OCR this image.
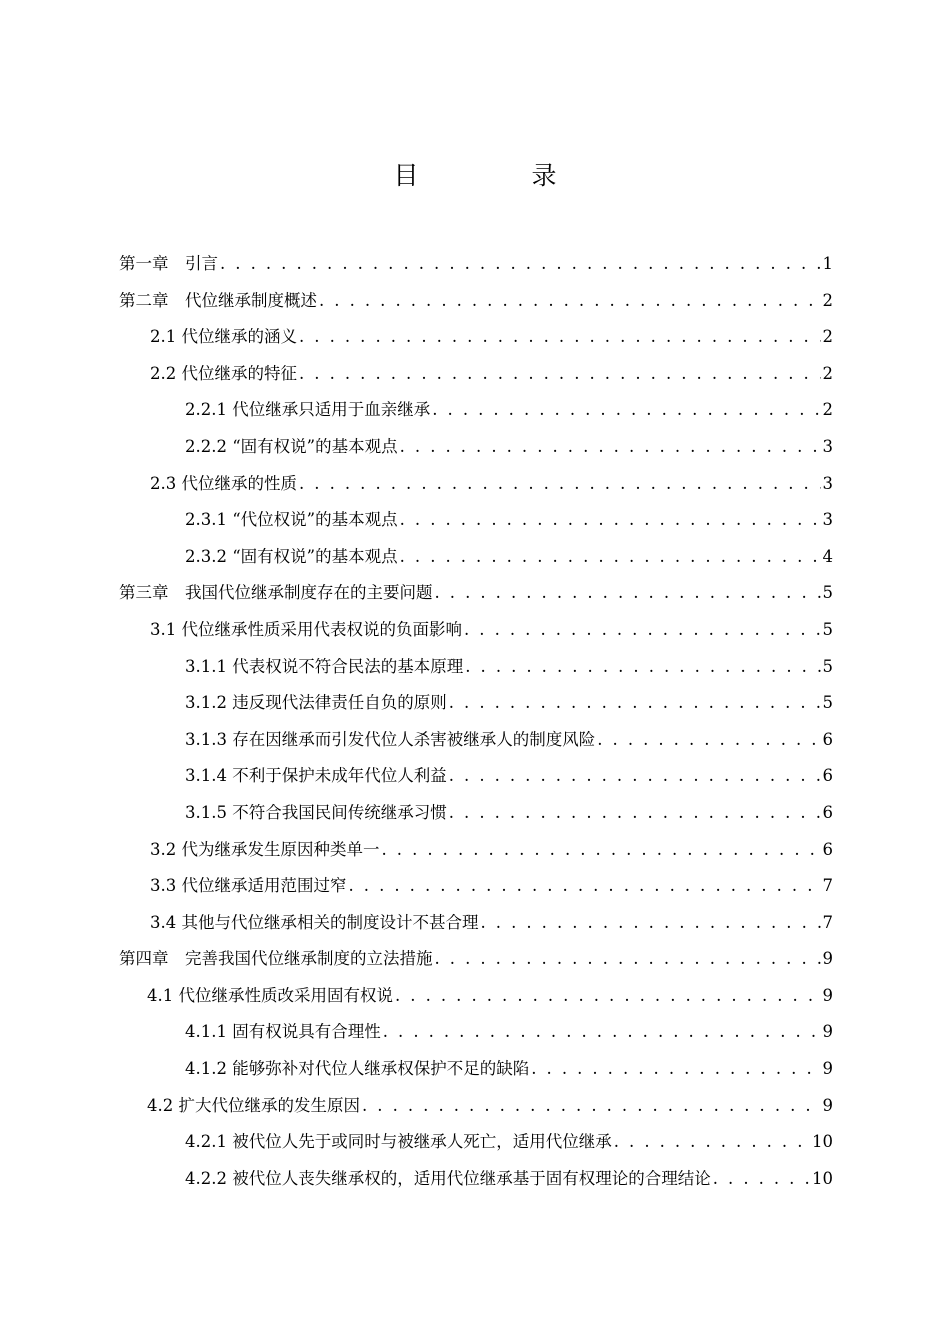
目　录
第一章　引言 . . .	1
第二章　代位继承制度概述 . . .	2
2.1 代位继承的涵义 . . .	2
2.2 代位继承的特征 . . .	2
2.2.1 代位继承只适用于血亲继承 . . .	2
2.2.2 “固有权说”的基本观点 . . .	3
2.3 代位继承的性质 . . .	3
2.3.1 “代位权说”的基本观点 . . .	3
2.3.2 “固有权说”的基本观点 . . .	4
第三章　我国代位继承制度存在的主要问题 . . .	5
3.1 代位继承性质采用代表权说的负面影响 . . .	5
3.1.1 代表权说不符合民法的基本原理 . . .	5
3.1.2 违反现代法律责任自负的原则 . . .	5
3.1.3 存在因继承而引发代位人杀害被继承人的制度风险 . . .	6
3.1.4 不利于保护未成年代位人利益 . . .	6
3.1.5 不符合我国民间传统继承习惯 . . .	6
3.2 代为继承发生原因种类单一 . . .	6
3.3 代位继承适用范围过窄 . . .	7
3.4 其他与代位继承相关的制度设计不甚合理 . . .	7
第四章　完善我国代位继承制度的立法措施 . . .	9
4.1 代位继承性质改采用固有权说 . . .	9
4.1.1 固有权说具有合理性 . . .	9
4.1.2 能够弥补对代位人继承权保护不足的缺陷 . . .	9
4.2 扩大代位继承的发生原因 . . .	9
4.2.1 被代位人先于或同时与被继承人死亡，适用代位继承 . . .	10
4.2.2 被代位人丧失继承权的，适用代位继承基于固有权理论的合理结论 . . .	10
